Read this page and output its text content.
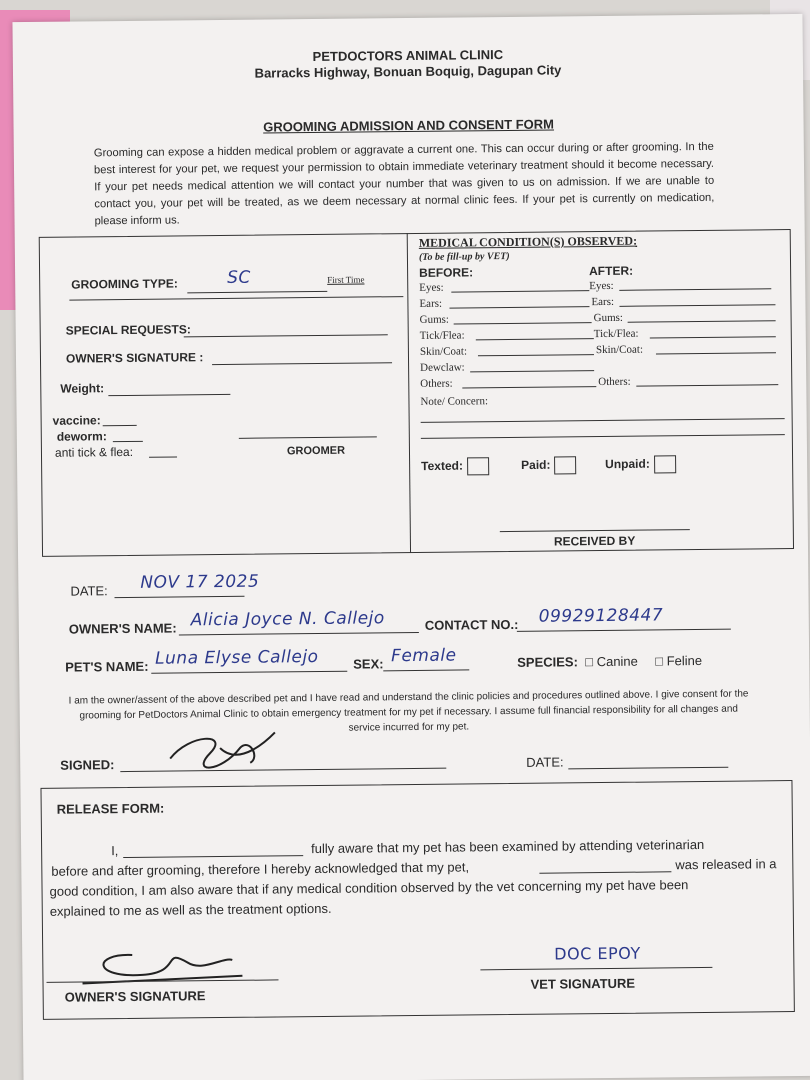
PETDOCTORS ANIMAL CLINIC
Barracks Highway, Bonuan Boquig, Dagupan City
GROOMING ADMISSION AND CONSENT FORM
Grooming can expose a hidden medical problem or aggravate a current one. This can occur during or after grooming. In the best interest for your pet, we request your permission to obtain immediate veterinary treatment should it become necessary. If your pet needs medical attention we will contact your number that was given to us on admission. If we are unable to contact you, your pet will be treated, as we deem necessary at normal clinic fees. If your pet is currently on medication, please inform us.
GROOMING TYPE:	SC	First Time
SPECIAL REQUESTS:
OWNER'S SIGNATURE :
Weight:
vaccine:
deworm:
anti tick & flea:	GROOMER
MEDICAL CONDITION(S) OBSERVED:
(To be fill-up by VET)
BEFORE:	AFTER:
Eyes:	Eyes:
Ears:	Ears:
Gums:	Gums:
Tick/Flea:	Tick/Flea:
Skin/Coat:	Skin/Coat:
Dewclaw:
Others:	Others:
Note/ Concern:
Texted:	Paid:	Unpaid:
RECEIVED BY
DATE: NOV 17 2025
OWNER'S NAME: Alicia Joyce N. Callejo	CONTACT NO.: 09929128447
PET'S NAME: Luna Elyse Callejo	SEX: Female	SPECIES: □ Canine □ Feline
I am the owner/assent of the above described pet and I have read and understand the clinic policies and procedures outlined above. I give consent for the grooming for PetDoctors Animal Clinic to obtain emergency treatment for my pet if necessary. I assume full financial responsibility for all changes and service incurred for my pet.
SIGNED:	DATE:
RELEASE FORM:
I,	fully aware that my pet has been examined by attending veterinarian
before and after grooming, therefore I hereby acknowledged that my pet,	was released in a
good condition, I am also aware that if any medical condition observed by the vet concerning my pet have been
explained to me as well as the treatment options.
OWNER'S SIGNATURE
DOC EPOY
VET SIGNATURE
